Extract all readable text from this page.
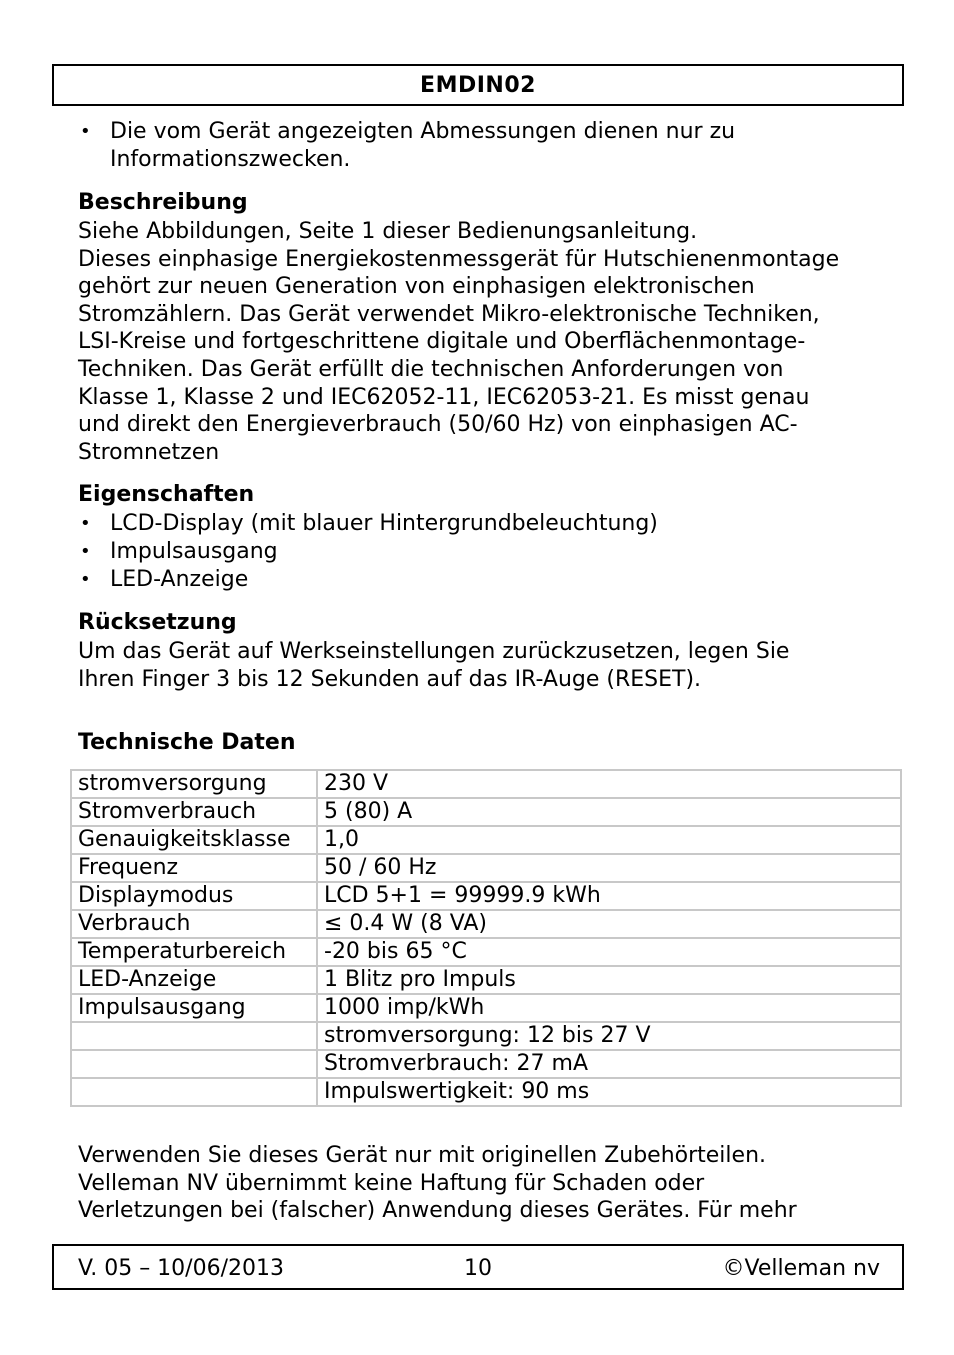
EMDIN02
• Die vom Gerät angezeigten Abmessungen dienen nur zu
Informationszwecken.
Beschreibung

Siehe Abbildungen, Seite 1 dieser Bedienungsanleitung.
Dieses einphasige Energiekostenmessgerät für Hutschienenmontage
gehört zur neuen Generation von einphasigen elektronischen
Stromzählern. Das Gerät verwendet Mikro-elektronische Techniken,
LSI-Kreise und fortgeschrittene digitale und Oberflächenmontage-
Techniken. Das Gerät erfüllt die technischen Anforderungen von
Klasse 1, Klasse 2 und IEC62052-11, IEC62053-21. Es misst genau
und direkt den Energieverbrauch (50/60 Hz) von einphasigen AC-
Stromnetzen

Eigenschaften
• LCD-Display (mit blauer Hintergrundbeleuchtung)
• Impulsausgang
• LED-Anzeige
Rücksetzung

Um das Gerät auf Werkseinstellungen zurückzusetzen, legen Sie
Ihren Finger 3 bis 12 Sekunden auf das IR-Auge (RESET).

Technische Daten
stromversorgung	230 V
Stromverbrauch	5 (80) A
Genauigkeitsklasse	1,0
Frequenz	50 / 60 Hz
Displaymodus	LCD 5+1 = 99999.9 kWh
Verbrauch	≤ 0.4 W (8 VA)
Temperaturbereich	-20 bis 65 °C
LED-Anzeige	1 Blitz pro Impuls
Impulsausgang	1000 imp/kWh
	stromversorgung: 12 bis 27 V
	Stromverbrauch: 27 mA
	Impulswertigkeit: 90 ms

Verwenden Sie dieses Gerät nur mit originellen Zubehörteilen.
Velleman NV übernimmt keine Haftung für Schaden oder
Verletzungen bei (falscher) Anwendung dieses Gerätes. Für mehr

V. 05 – 10/06/2013	10	©Velleman nv
